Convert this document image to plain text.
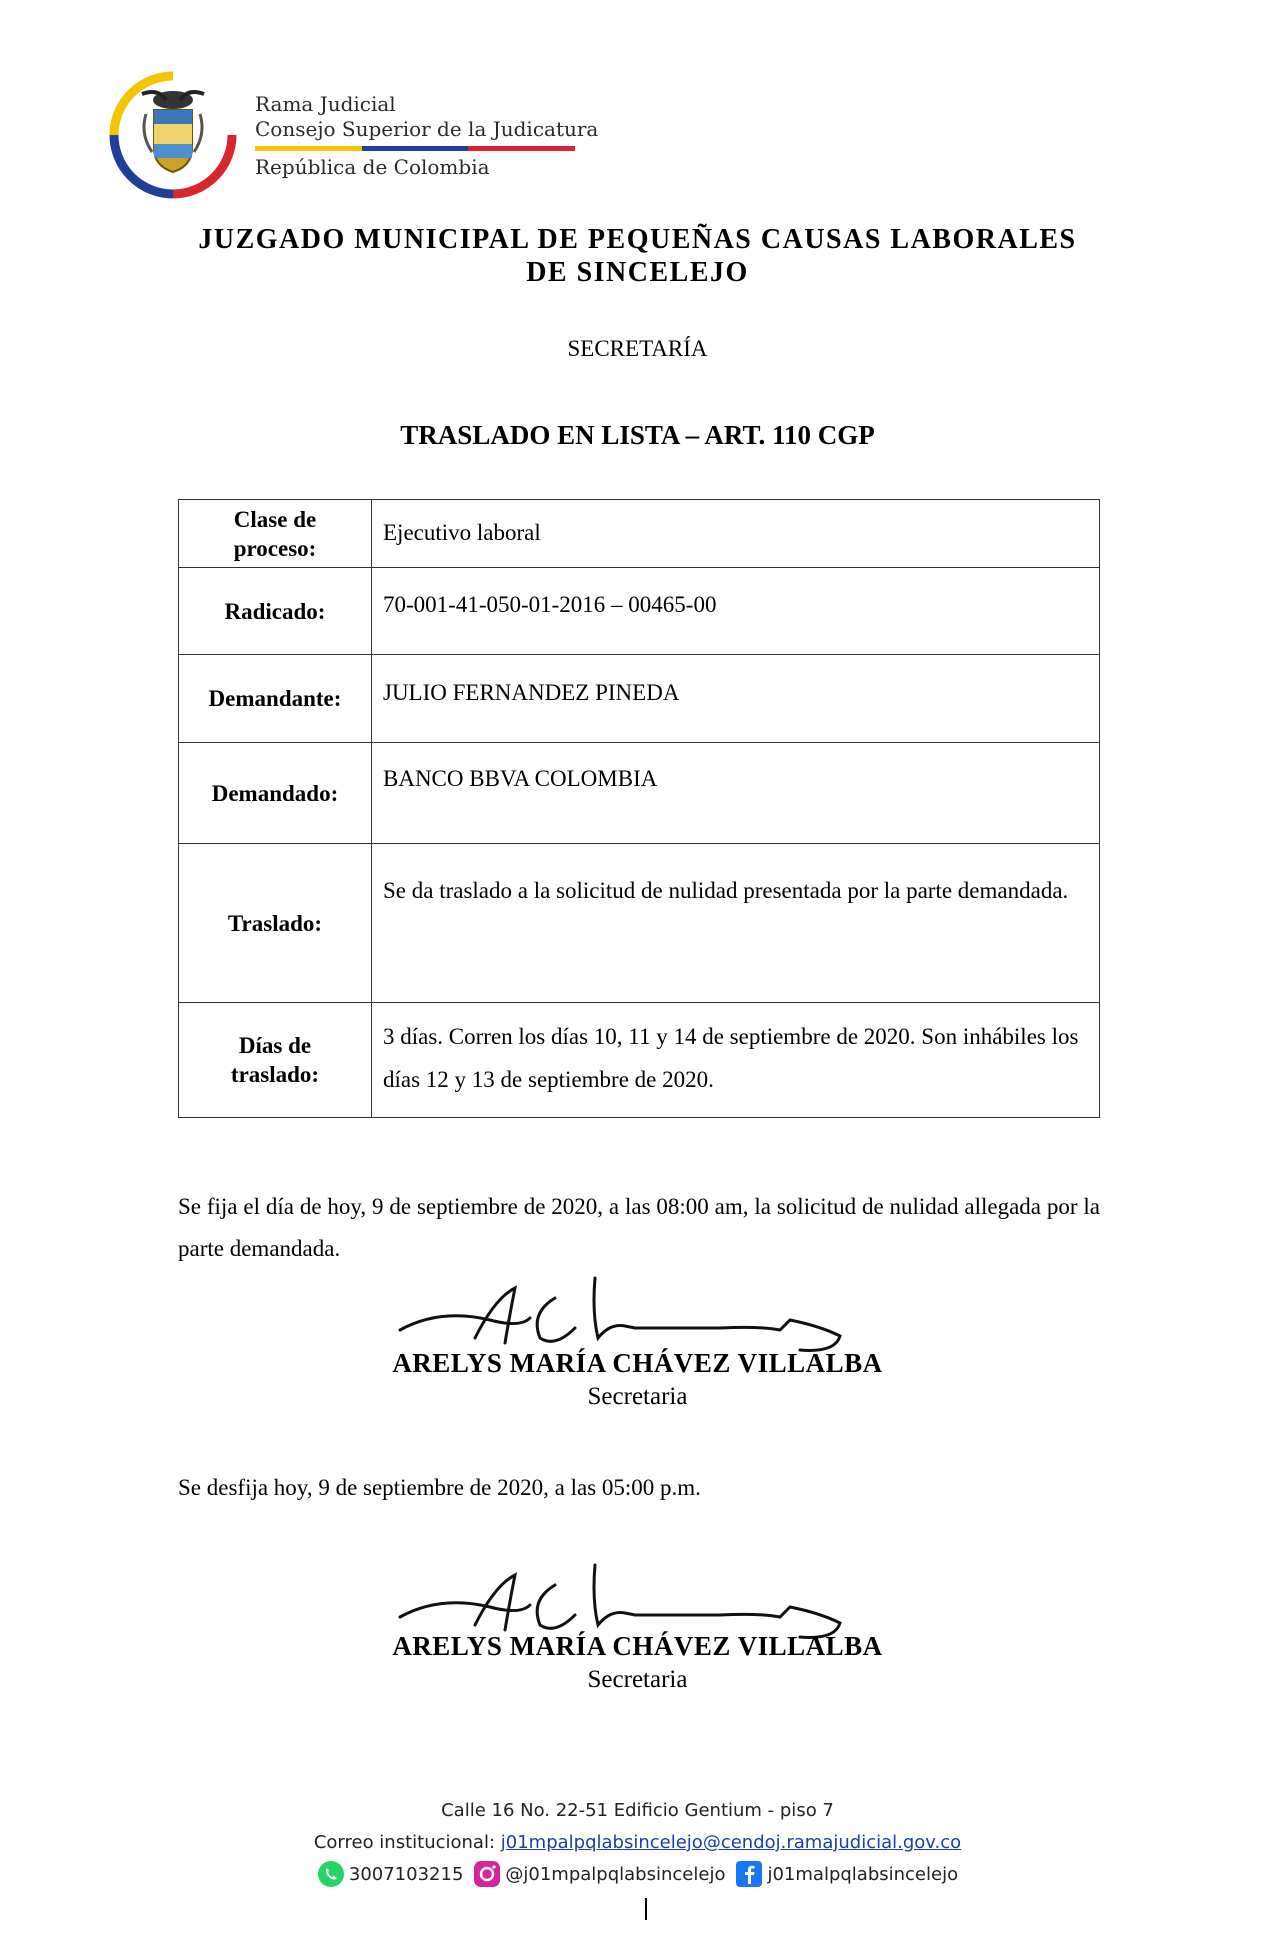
Rama Judicial
Consejo Superior de la Judicatura
República de Colombia
JUZGADO MUNICIPAL DE PEQUEÑAS CAUSAS LABORALES
DE SINCELEJO
SECRETARÍA
TRASLADO EN LISTA – ART. 110 CGP
Clase de
proceso:	Ejecutivo laboral
Radicado:	70-001-41-050-01-2016 – 00465-00
Demandante:	JULIO FERNANDEZ PINEDA
Demandado:	BANCO BBVA COLOMBIA
Traslado:	Se da traslado a la solicitud de nulidad presentada por la parte demandada.

Días de
traslado:	3 días. Corren los días 10, 11 y 14 de septiembre de 2020. Son inhábiles los días 12 y 13 de septiembre de 2020.
Se fija el día de hoy, 9 de septiembre de 2020, a las 08:00 am, la solicitud de nulidad allegada por la parte demandada.
ARELYS MARÍA CHÁVEZ VILLALBA
Secretaria
Se desfija hoy, 9 de septiembre de 2020, a las 05:00 p.m.
ARELYS MARÍA CHÁVEZ VILLALBA
Secretaria
Calle 16 No. 22-51 Edificio Gentium - piso 7
Correo institucional: j01mpalpqlabsincelejo@cendoj.ramajudicial.gov.co
3007103215 @j01mpalpqlabsincelejo j01malpqlabsincelejo
